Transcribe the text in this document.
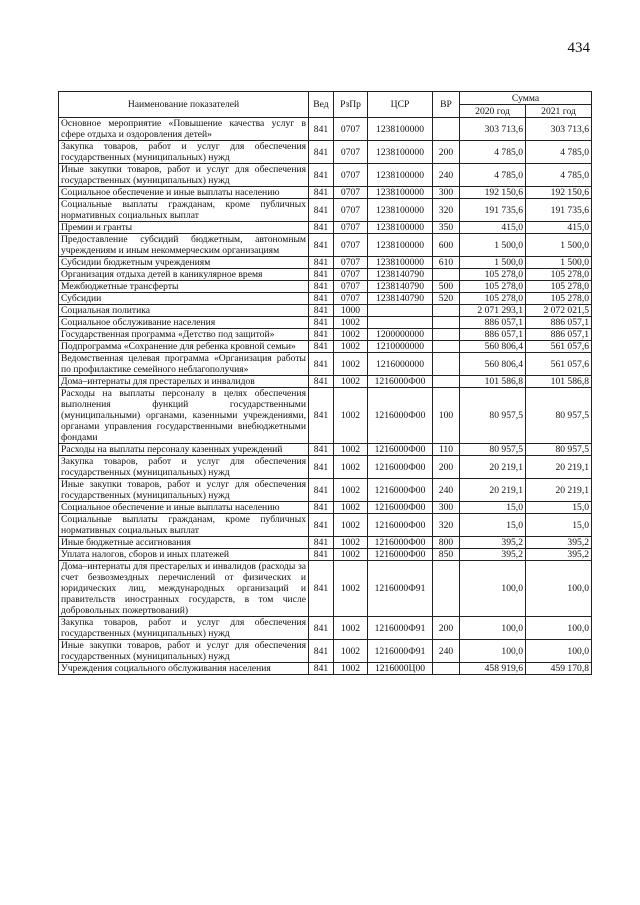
434
Наименование показателей	Вед	РзПр	ЦСР	ВР	Сумма	
					2020 год	2021 год
Основное мероприятие «Повышение качества услуг в сфере отдыха и оздоровления детей»	841	0707	1238100000		303 713,6	303 713,6
Закупка товаров, работ и услуг для обеспечения государственных (муниципальных) нужд	841	0707	1238100000	200	4 785,0	4 785,0
Иные закупки товаров, работ и услуг для обеспечения государственных (муниципальных) нужд	841	0707	1238100000	240	4 785,0	4 785,0
Социальное обеспечение и иные выплаты населению	841	0707	1238100000	300	192 150,6	192 150,6
Социальные выплаты гражданам, кроме публичных нормативных социальных выплат	841	0707	1238100000	320	191 735,6	191 735,6
Премии и гранты	841	0707	1238100000	350	415,0	415,0
Предоставление субсидий бюджетным, автономным учреждениям и иным некоммерческим организациям	841	0707	1238100000	600	1 500,0	1 500,0
Субсидии бюджетным учреждениям	841	0707	1238100000	610	1 500,0	1 500,0
Организация отдыха детей в каникулярное время	841	0707	1238140790		105 278,0	105 278,0
Межбюджетные трансферты	841	0707	1238140790	500	105 278,0	105 278,0
Субсидии	841	0707	1238140790	520	105 278,0	105 278,0
Социальная политика	841	1000			2 071 293,1	2 072 021,5
Социальное обслуживание населения	841	1002			886 057,1	886 057,1
Государственная программа «Детство под защитой»	841	1002	1200000000		886 057,1	886 057,1
Подпрограмма «Сохранение для ребенка кровной семьи»	841	1002	1210000000		560 806,4	561 057,6
Ведомственная целевая программа «Организация работы по профилактике семейного неблагополучия»	841	1002	1216000000		560 806,4	561 057,6
Дома–интернаты для престарелых и инвалидов	841	1002	1216000Ф00		101 586,8	101 586,8
Расходы на выплаты персоналу в целях обеспечения выполнения функций государственными (муниципальными) органами, казенными учреждениями, органами управления государственными внебюджетными фондами	841	1002	1216000Ф00	100	80 957,5	80 957,5
Расходы на выплаты персоналу казенных учреждений	841	1002	1216000Ф00	110	80 957,5	80 957,5
Закупка товаров, работ и услуг для обеспечения государственных (муниципальных) нужд	841	1002	1216000Ф00	200	20 219,1	20 219,1
Иные закупки товаров, работ и услуг для обеспечения государственных (муниципальных) нужд	841	1002	1216000Ф00	240	20 219,1	20 219,1
Социальное обеспечение и иные выплаты населению	841	1002	1216000Ф00	300	15,0	15,0
Социальные выплаты гражданам, кроме публичных нормативных социальных выплат	841	1002	1216000Ф00	320	15,0	15,0
Иные бюджетные ассигнования	841	1002	1216000Ф00	800	395,2	395,2
Уплата налогов, сборов и иных платежей	841	1002	1216000Ф00	850	395,2	395,2
Дома–интернаты для престарелых и инвалидов (расходы за счет безвозмездных перечислений от физических и юридических лиц, международных организаций и правительств иностранных государств, в том числе добровольных пожертвований)	841	1002	1216000Ф91		100,0	100,0
Закупка товаров, работ и услуг для обеспечения государственных (муниципальных) нужд	841	1002	1216000Ф91	200	100,0	100,0
Иные закупки товаров, работ и услуг для обеспечения государственных (муниципальных) нужд	841	1002	1216000Ф91	240	100,0	100,0
Учреждения социального обслуживания населения	841	1002	1216000Ц00		458 919,6	459 170,8
